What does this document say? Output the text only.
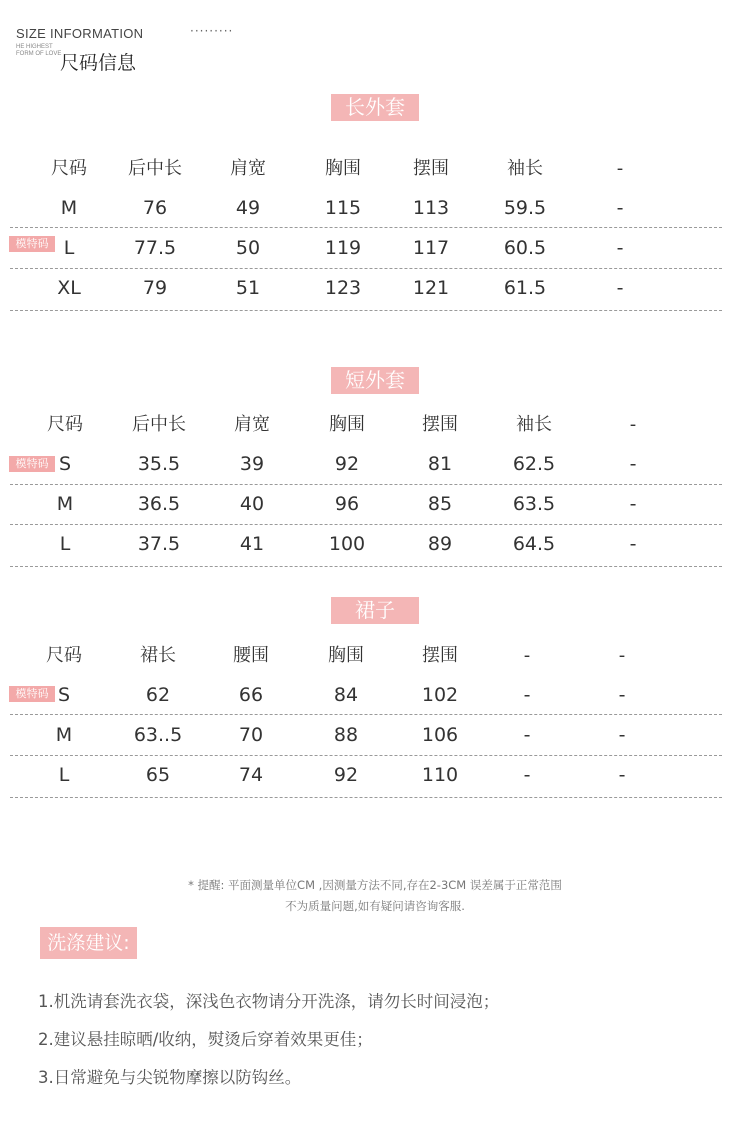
SIZE INFORMATION	·········
HE HIGHEST
FORM OF LOVE
尺码信息
长外套
尺码 后中长	肩宽	胸围	摆围	袖长	-
M	76	49	115	113	59.5	-
模特码 L	77.5	50	119	117	60.5	-
XL	79	51	123	121	61.5	-
短外套
尺码	后中长	肩宽	胸围	摆围	袖长	-
模特码 S	35.5	39	92	81	62.5	-
M	36.5	40	96	85	63.5	-
L	37.5	41	100	89	64.5	-
裙子
尺码	裙长	腰围	胸围	摆围	-	-
模特码 S	62	66	84	102	-	-
M	63..5	70	88	106	-	-
L	65	74	92	110	-	-
* 提醒: 平面测量单位CM ,因测量方法不同,存在2-3CM 误差属于正常范围
不为质量问题,如有疑问请咨询客服.
洗涤建议:
1.机洗请套洗衣袋，深浅色衣物请分开洗涤，请勿长时间浸泡；
2.建议悬挂晾晒/收纳，熨烫后穿着效果更佳；
3.日常避免与尖锐物摩擦以防钩丝。
